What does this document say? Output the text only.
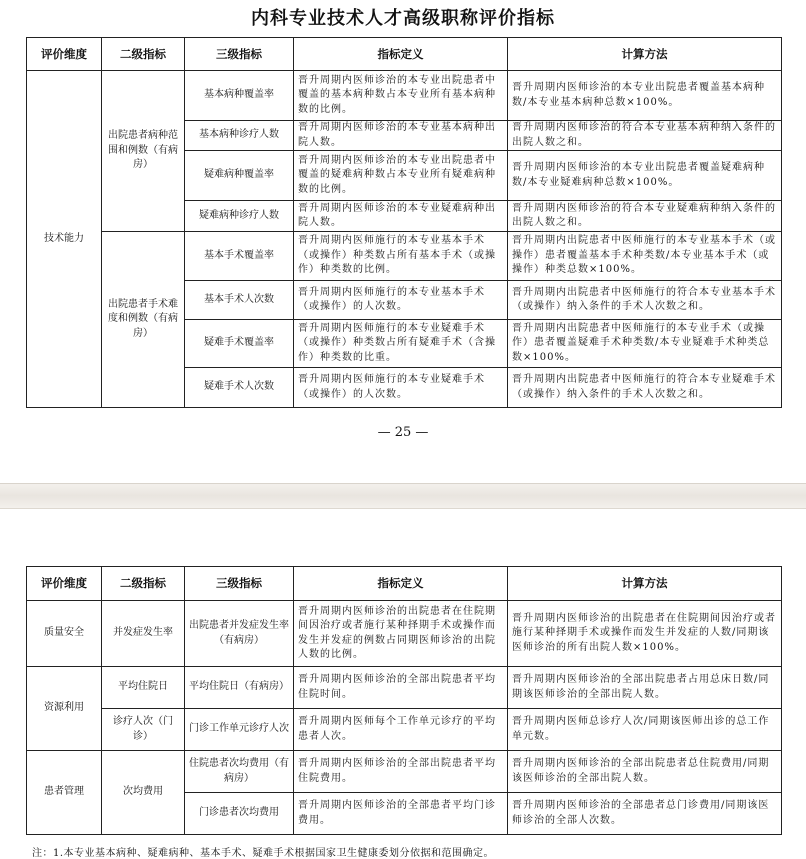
内科专业技术人才高级职称评价指标
评价维度	二级指标	三级指标	指标定义	计算方法
技术能力	出院患者病种范围和例数（有病房）	基本病种覆盖率	晋升周期内医师诊治的本专业出院患者中覆盖的基本病种数占本专业所有基本病种数的比例。	晋升周期内医师诊治的本专业出院患者覆盖基本病种数/本专业基本病种总数×100%。
		基本病种诊疗人数	晋升周期内医师诊治的本专业基本病种出院人数。	晋升周期内医师诊治的符合本专业基本病种纳入条件的出院人数之和。
		疑难病种覆盖率	晋升周期内医师诊治的本专业出院患者中覆盖的疑难病种数占本专业所有疑难病种数的比例。	晋升周期内医师诊治的本专业出院患者覆盖疑难病种数/本专业疑难病种总数×100%。
		疑难病种诊疗人数	晋升周期内医师诊治的本专业疑难病种出院人数。	晋升周期内医师诊治的符合本专业疑难病种纳入条件的出院人数之和。
	出院患者手术难度和例数（有病房）	基本手术覆盖率	晋升周期内医师施行的本专业基本手术（或操作）种类数占所有基本手术（或操作）种类数的比例。	晋升周期内出院患者中医师施行的本专业基本手术（或操作）患者覆盖基本手术种类数/本专业基本手术（或操作）种类总数×100%。
		基本手术人次数	晋升周期内医师施行的本专业基本手术（或操作）的人次数。	晋升周期内出院患者中医师施行的符合本专业基本手术（或操作）纳入条件的手术人次数之和。
		疑难手术覆盖率	晋升周期内医师施行的本专业疑难手术（或操作）种类数占所有疑难手术（含操作）种类数的比重。	晋升周期内出院患者中医师施行的本专业手术（或操作）患者覆盖疑难手术种类数/本专业疑难手术种类总数×100%。
		疑难手术人次数	晋升周期内医师施行的本专业疑难手术（或操作）的人次数。	晋升周期内出院患者中医师施行的符合本专业疑难手术（或操作）纳入条件的手术人次数之和。
— 25 —
评价维度	二级指标	三级指标	指标定义	计算方法
质量安全	并发症发生率	出院患者并发症发生率（有病房）	晋升周期内医师诊治的出院患者在住院期间因治疗或者施行某种择期手术或操作而发生并发症的例数占同期医师诊治的出院人数的比例。	晋升周期内医师诊治的出院患者在住院期间因治疗或者施行某种择期手术或操作而发生并发症的人数/同期该医师诊治的所有出院人数×100%。
资源利用	平均住院日	平均住院日（有病房）	晋升周期内医师诊治的全部出院患者平均住院时间。	晋升周期内医师诊治的全部出院患者占用总床日数/同期该医师诊治的全部出院人数。
	诊疗人次（门诊）	门诊工作单元诊疗人次	晋升周期内医师每个工作单元诊疗的平均患者人次。	晋升周期内医师总诊疗人次/同期该医师出诊的总工作单元数。
患者管理	次均费用	住院患者次均费用（有病房）	晋升周期内医师诊治的全部出院患者平均住院费用。	晋升周期内医师诊治的全部出院患者总住院费用/同期该医师诊治的全部出院人数。
		门诊患者次均费用	晋升周期内医师诊治的全部患者平均门诊费用。	晋升周期内医师诊治的全部患者总门诊费用/同期该医师诊治的全部人次数。
注：1.本专业基本病种、疑难病种、基本手术、疑难手术根据国家卫生健康委划分依据和范围确定。
